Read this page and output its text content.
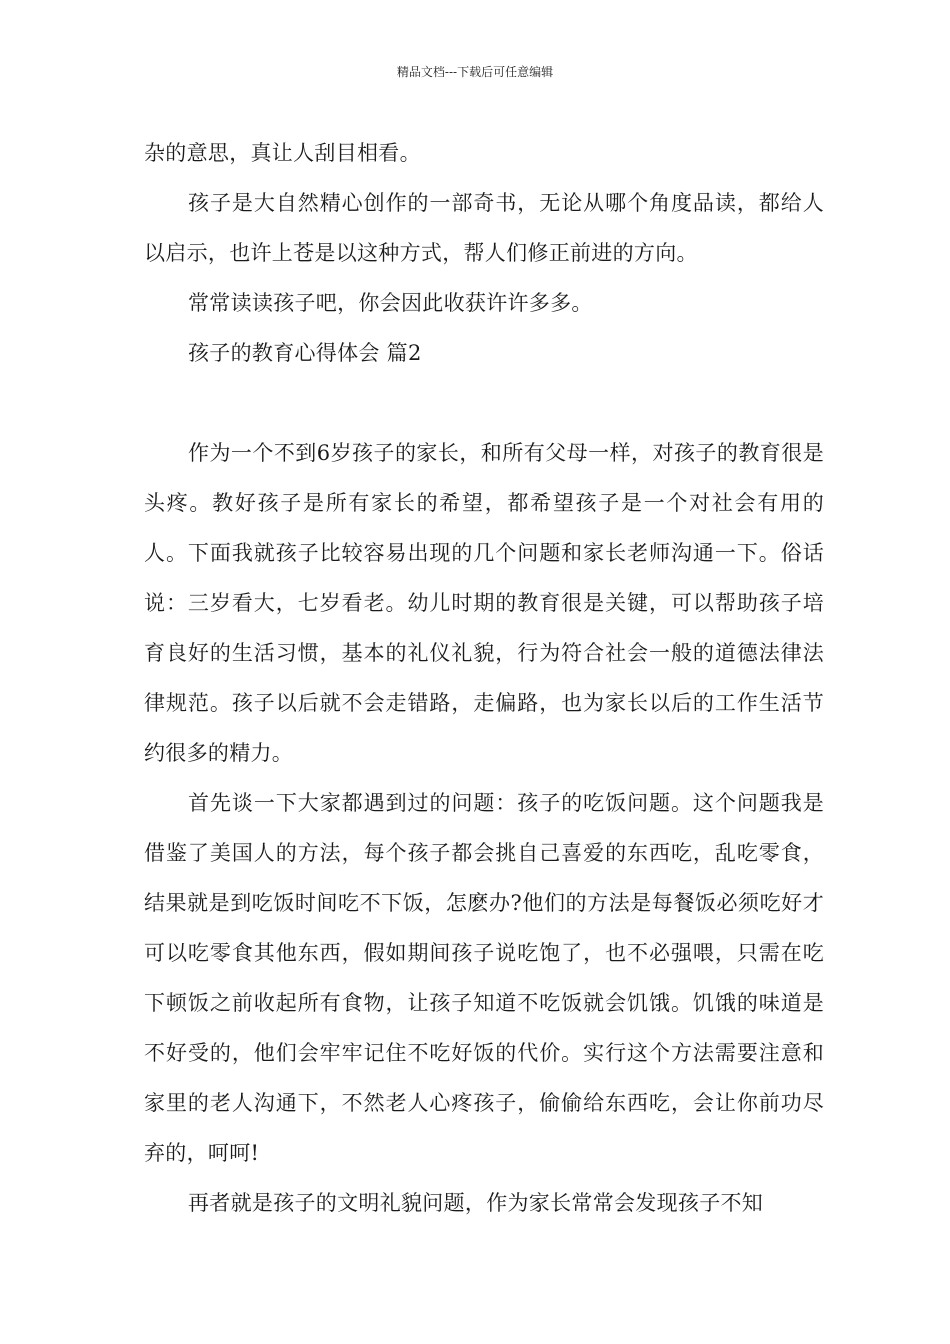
精品文档---下载后可任意编辑

杂的意思，真让人刮目相看。

孩子是大自然精心创作的一部奇书，无论从哪个角度品读，都给人以启示，也许上苍是以这种方式，帮人们修正前进的方向。

常常读读孩子吧，你会因此收获许许多多。

孩子的教育心得体会 篇2

作为一个不到6岁孩子的家长，和所有父母一样，对孩子的教育很是头疼。教好孩子是所有家长的希望，都希望孩子是一个对社会有用的人。下面我就孩子比较容易出现的几个问题和家长老师沟通一下。俗话说：三岁看大，七岁看老。幼儿时期的教育很是关键，可以帮助孩子培育良好的生活习惯，基本的礼仪礼貌，行为符合社会一般的道德法律法律规范。孩子以后就不会走错路，走偏路，也为家长以后的工作生活节约很多的精力。

首先谈一下大家都遇到过的问题：孩子的吃饭问题。这个问题我是借鉴了美国人的方法，每个孩子都会挑自己喜爱的东西吃，乱吃零食，结果就是到吃饭时间吃不下饭，怎麽办?他们的方法是每餐饭必须吃好才可以吃零食其他东西，假如期间孩子说吃饱了，也不必强喂，只需在吃下顿饭之前收起所有食物，让孩子知道不吃饭就会饥饿。饥饿的味道是不好受的，他们会牢牢记住不吃好饭的代价。实行这个方法需要注意和家里的老人沟通下，不然老人心疼孩子，偷偷给东西吃，会让你前功尽弃的，呵呵!

再者就是孩子的文明礼貌问题，作为家长常常会发现孩子不知
